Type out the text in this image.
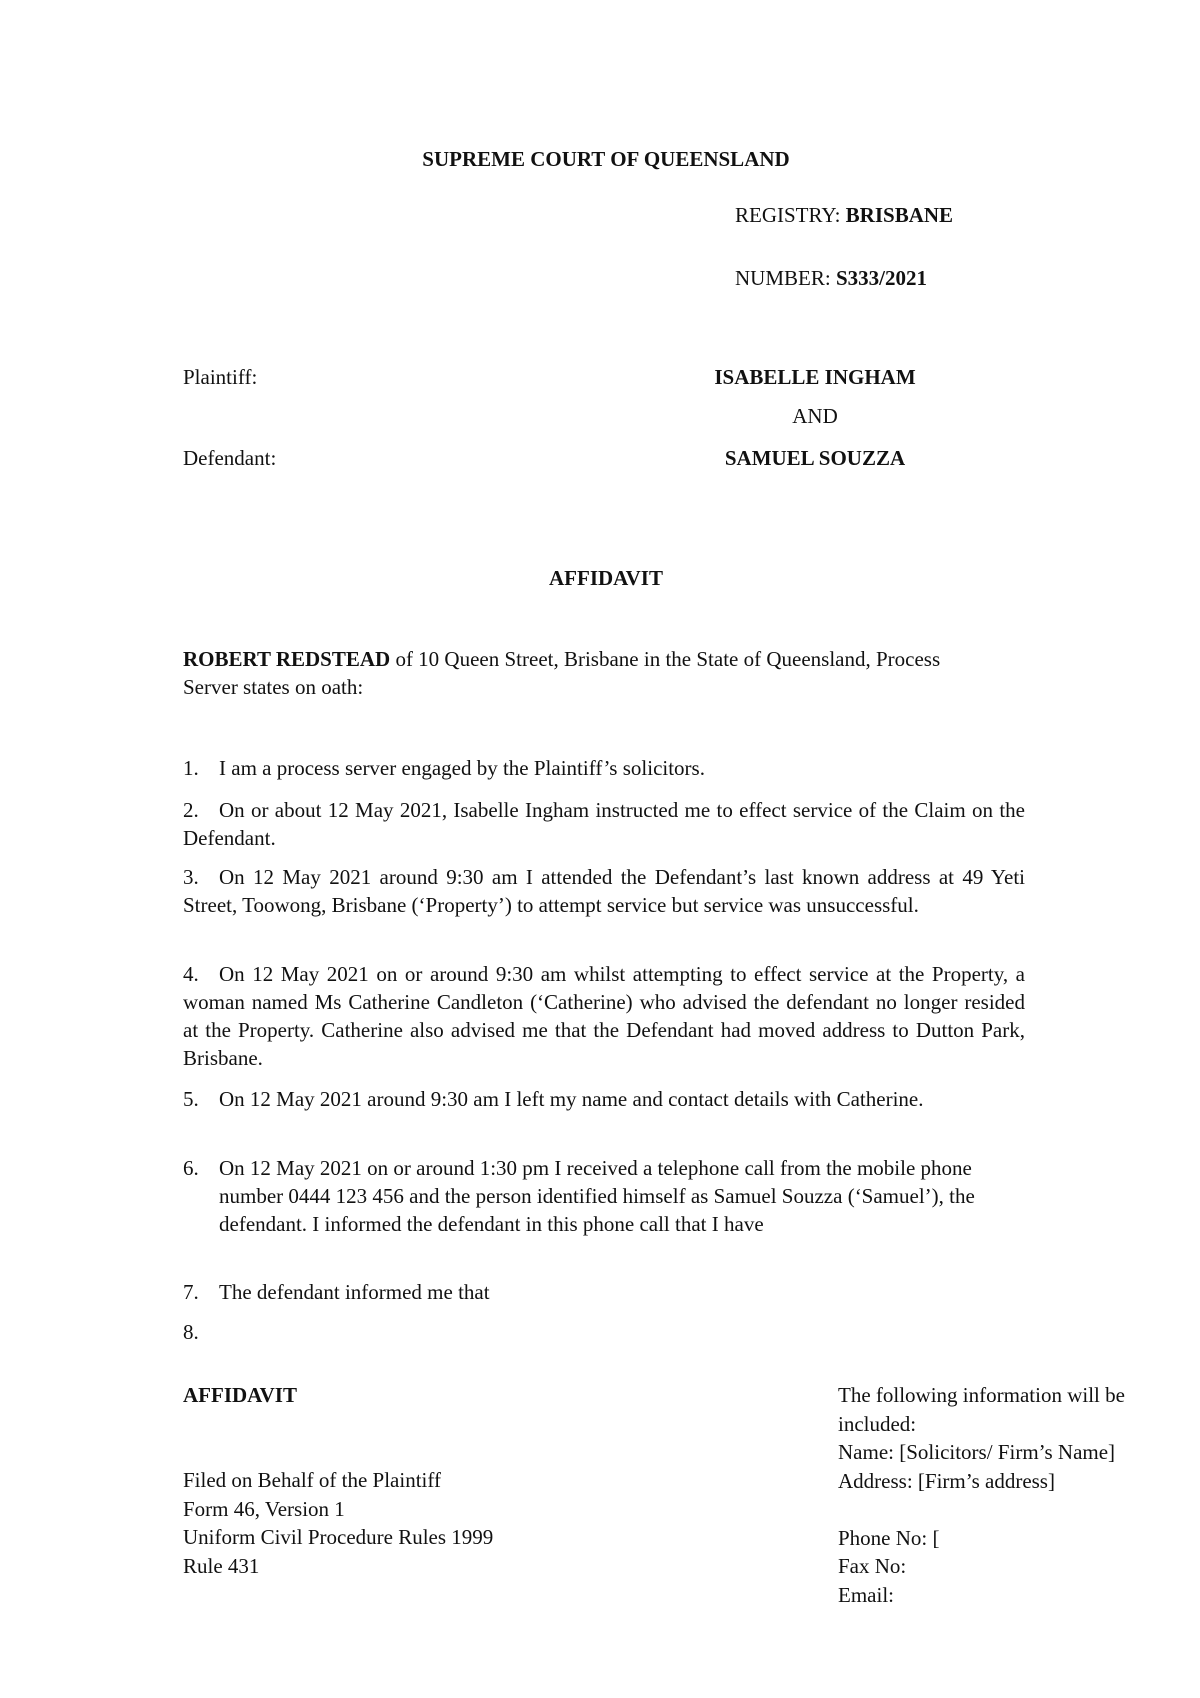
SUPREME COURT OF QUEENSLAND
REGISTRY: BRISBANE
NUMBER: S333/2021
Plaintiff:	ISABELLE INGHAM
AND
Defendant:	SAMUEL SOUZZA
AFFIDAVIT
ROBERT REDSTEAD of 10 Queen Street, Brisbane in the State of Queensland, Process Server states on oath:
1. I am a process server engaged by the Plaintiff’s solicitors.
2. On or about 12 May 2021, Isabelle Ingham instructed me to effect service of the Claim on the Defendant.
3. On 12 May 2021 around 9:30 am I attended the Defendant’s last known address at 49 Yeti Street, Toowong, Brisbane (‘Property’) to attempt service but service was unsuccessful.
4. On 12 May 2021 on or around 9:30 am whilst attempting to effect service at the Property, a woman named Ms Catherine Candleton (‘Catherine) who advised the defendant no longer resided at the Property. Catherine also advised me that the Defendant had moved address to Dutton Park, Brisbane.
5. On 12 May 2021 around 9:30 am I left my name and contact details with Catherine.
6. On 12 May 2021 on or around 1:30 pm I received a telephone call from the mobile phone number 0444 123 456 and the person identified himself as Samuel Souzza (‘Samuel’), the defendant. I informed the defendant in this phone call that I have
7. The defendant informed me that
8.
AFFIDAVIT
Filed on Behalf of the Plaintiff
Form 46, Version 1
Uniform Civil Procedure Rules 1999
Rule 431
The following information will be included:
Name: [Solicitors/ Firm’s Name]
Address: [Firm’s address]
Phone No: [
Fax No:
Email:
